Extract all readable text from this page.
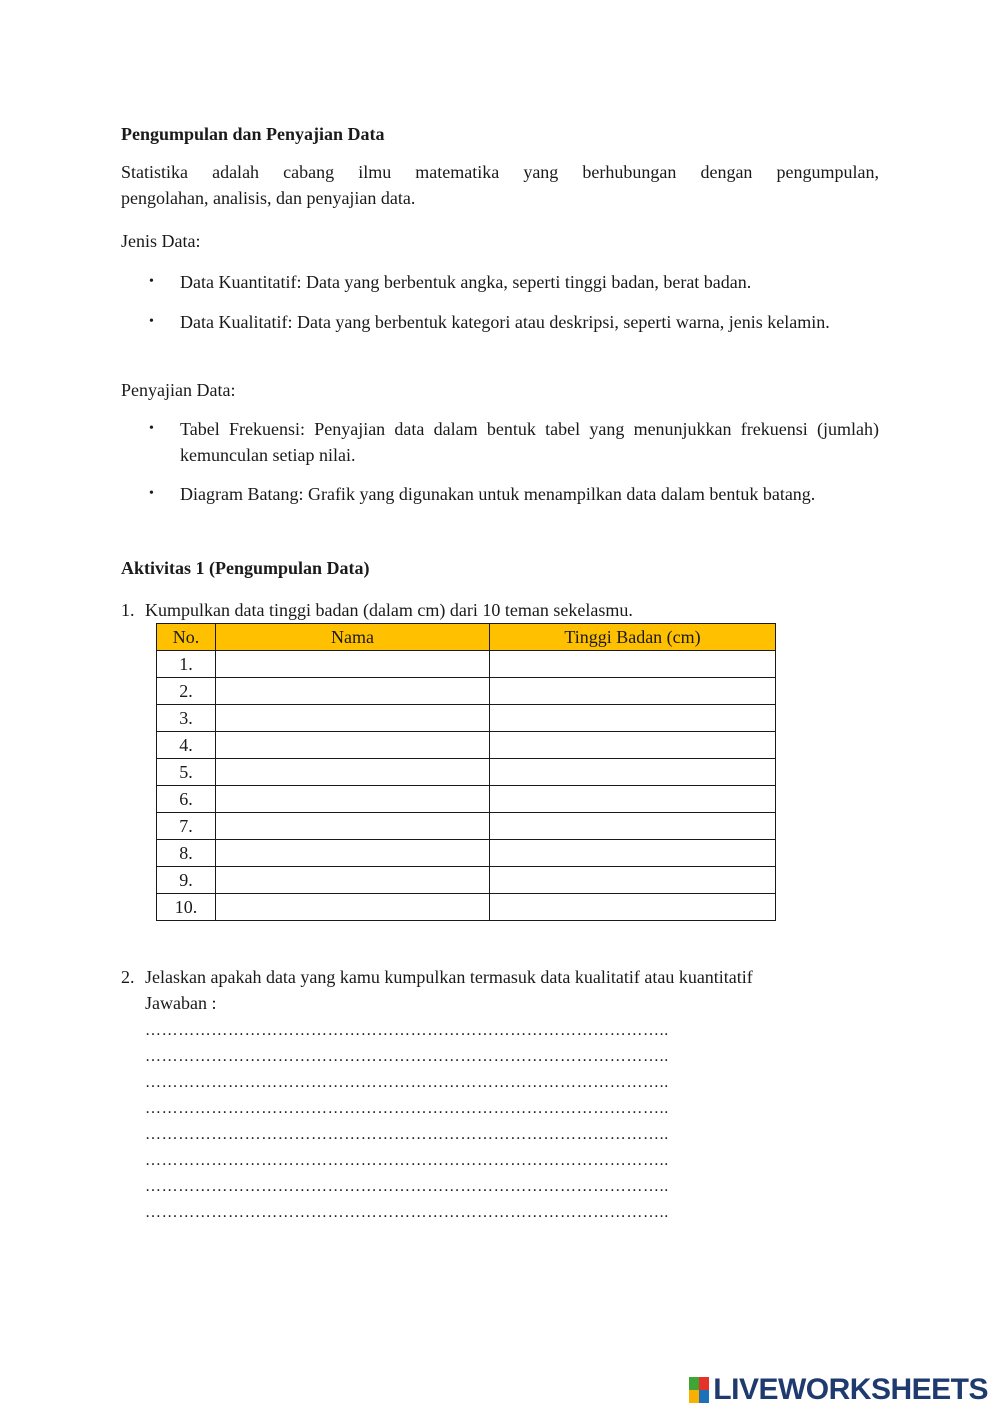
Pengumpulan dan Penyajian Data
Statistika adalah cabang ilmu matematika yang berhubungan dengan pengumpulan,
pengolahan, analisis, dan penyajian data.
Jenis Data:
• Data Kuantitatif: Data yang berbentuk angka, seperti tinggi badan, berat badan.
• Data Kualitatif: Data yang berbentuk kategori atau deskripsi, seperti warna, jenis kelamin.
Penyajian Data:
• Tabel Frekuensi: Penyajian data dalam bentuk tabel yang menunjukkan frekuensi (jumlah) kemunculan setiap nilai.
• Diagram Batang: Grafik yang digunakan untuk menampilkan data dalam bentuk batang.
Aktivitas 1 (Pengumpulan Data)
1. Kumpulkan data tinggi badan (dalam cm) dari 10 teman sekelasmu.
No.	Nama	Tinggi Badan (cm)
1.		
2.		
3.		
4.		
5.		
6.		
7.		
8.		
9.		
10.		
2. Jelaskan apakah data yang kamu kumpulkan termasuk data kualitatif atau kuantitatif
Jawaban :
…………………………………………………………………………………..
…………………………………………………………………………………..
…………………………………………………………………………………..
…………………………………………………………………………………..
…………………………………………………………………………………..
…………………………………………………………………………………..
…………………………………………………………………………………..
…………………………………………………………………………………..
LIVEWORKSHEETS
